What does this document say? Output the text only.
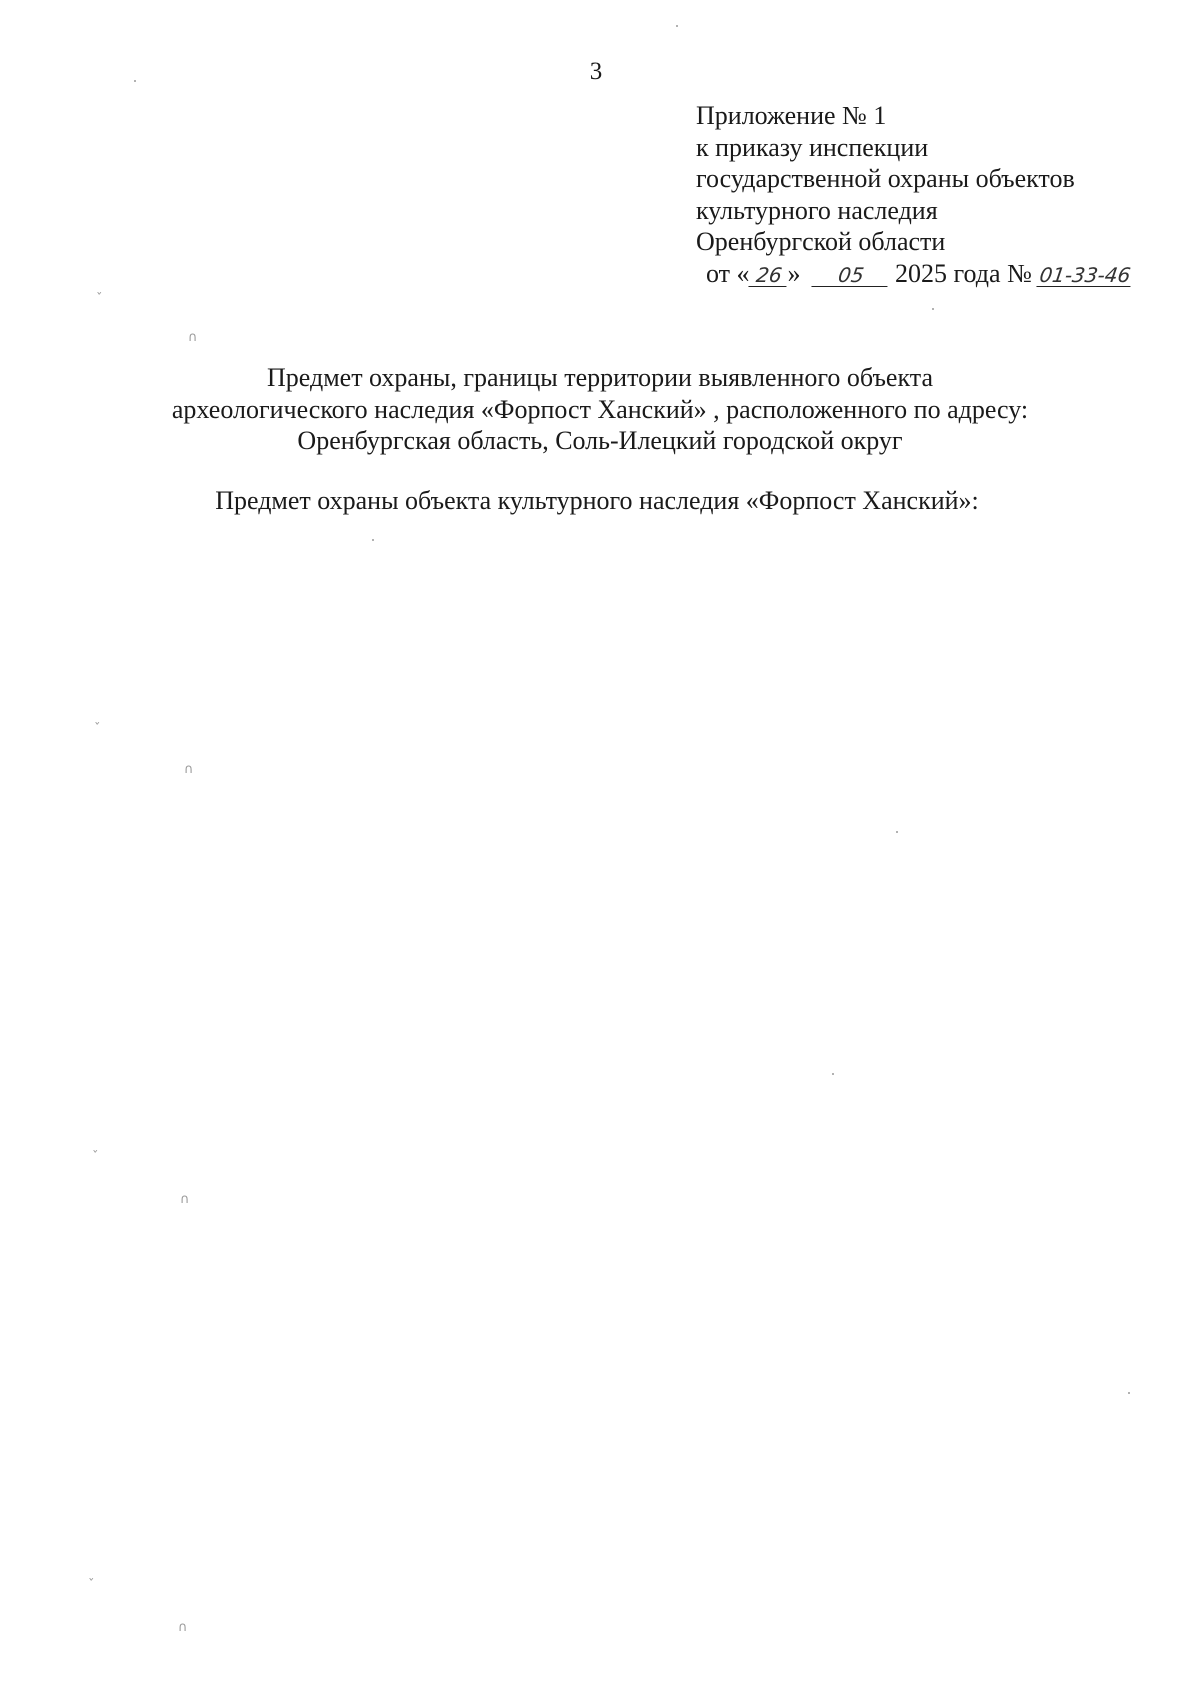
3
Приложение № 1
к приказу инспекции
государственной охраны объектов
культурного наследия
Оренбургской области
от « 26 » 05 2025 года № 01-33-46
Предмет охраны, границы территории выявленного объекта
археологического наследия «Форпост Ханский» , расположенного по адресу:
Оренбургская область, Соль-Илецкий городской округ
Предмет охраны объекта культурного наследия «Форпост Ханский»:
ˇ
∩
ˇ
∩
ˇ
∩
ˇ
∩
